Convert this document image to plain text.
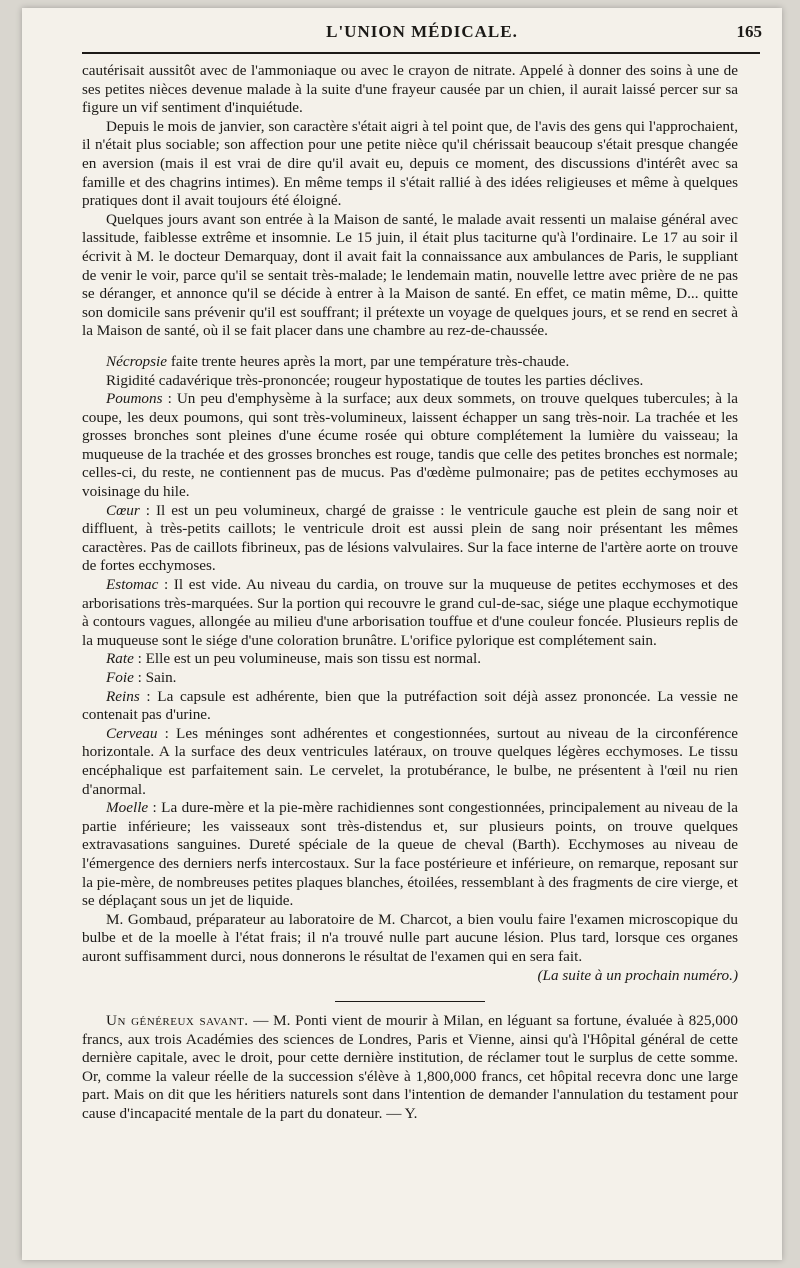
L'UNION MÉDICALE.	165

cautérisait aussitôt avec de l'ammoniaque ou avec le crayon de nitrate. Appelé à donner des soins à une de ses petites nièces devenue malade à la suite d'une frayeur causée par un chien, il aurait laissé percer sur sa figure un vif sentiment d'inquiétude.

Depuis le mois de janvier, son caractère s'était aigri à tel point que, de l'avis des gens qui l'approchaient, il n'était plus sociable; son affection pour une petite nièce qu'il chérissait beaucoup s'était presque changée en aversion (mais il est vrai de dire qu'il avait eu, depuis ce moment, des discussions d'intérêt avec sa famille et des chagrins intimes). En même temps il s'était rallié à des idées religieuses et même à quelques pratiques dont il avait toujours été éloigné.

Quelques jours avant son entrée à la Maison de santé, le malade avait ressenti un malaise général avec lassitude, faiblesse extrême et insomnie. Le 15 juin, il était plus taciturne qu'à l'ordinaire. Le 17 au soir il écrivit à M. le docteur Demarquay, dont il avait fait la connaissance aux ambulances de Paris, le suppliant de venir le voir, parce qu'il se sentait très-malade; le lendemain matin, nouvelle lettre avec prière de ne pas se déranger, et annonce qu'il se décide à entrer à la Maison de santé. En effet, ce matin même, D... quitte son domicile sans prévenir qu'il est souffrant; il prétexte un voyage de quelques jours, et se rend en secret à la Maison de santé, où il se fait placer dans une chambre au rez-de-chaussée.

Nécropsie faite trente heures après la mort, par une température très-chaude.

Rigidité cadavérique très-prononcée; rougeur hypostatique de toutes les parties déclives.

Poumons : Un peu d'emphysème à la surface; aux deux sommets, on trouve quelques tubercules; à la coupe, les deux poumons, qui sont très-volumineux, laissent échapper un sang très-noir. La trachée et les grosses bronches sont pleines d'une écume rosée qui obture complétement la lumière du vaisseau; la muqueuse de la trachée et des grosses bronches est rouge, tandis que celle des petites bronches est normale; celles-ci, du reste, ne contiennent pas de mucus. Pas d'œdème pulmonaire; pas de petites ecchymoses au voisinage du hile.

Cœur : Il est un peu volumineux, chargé de graisse : le ventricule gauche est plein de sang noir et diffluent, à très-petits caillots; le ventricule droit est aussi plein de sang noir présentant les mêmes caractères. Pas de caillots fibrineux, pas de lésions valvulaires. Sur la face interne de l'artère aorte on trouve de fortes ecchymoses.

Estomac : Il est vide. Au niveau du cardia, on trouve sur la muqueuse de petites ecchymoses et des arborisations très-marquées. Sur la portion qui recouvre le grand cul-de-sac, siége une plaque ecchymotique à contours vagues, allongée au milieu d'une arborisation touffue et d'une couleur foncée. Plusieurs replis de la muqueuse sont le siége d'une coloration brunâtre. L'orifice pylorique est complétement sain.

Rate : Elle est un peu volumineuse, mais son tissu est normal.

Foie : Sain.

Reins : La capsule est adhérente, bien que la putréfaction soit déjà assez prononcée. La vessie ne contenait pas d'urine.

Cerveau : Les méninges sont adhérentes et congestionnées, surtout au niveau de la circonférence horizontale. A la surface des deux ventricules latéraux, on trouve quelques légères ecchymoses. Le tissu encéphalique est parfaitement sain. Le cervelet, la protubérance, le bulbe, ne présentent à l'œil nu rien d'anormal.

Moelle : La dure-mère et la pie-mère rachidiennes sont congestionnées, principalement au niveau de la partie inférieure; les vaisseaux sont très-distendus et, sur plusieurs points, on trouve quelques extravasations sanguines. Dureté spéciale de la queue de cheval (Barth). Ecchymoses au niveau de l'émergence des derniers nerfs intercostaux. Sur la face postérieure et inférieure, on remarque, reposant sur la pie-mère, de nombreuses petites plaques blanches, étoilées, ressemblant à des fragments de cire vierge, et se déplaçant sous un jet de liquide.

M. Gombaud, préparateur au laboratoire de M. Charcot, a bien voulu faire l'examen microscopique du bulbe et de la moelle à l'état frais; il n'a trouvé nulle part aucune lésion. Plus tard, lorsque ces organes auront suffisamment durci, nous donnerons le résultat de l'examen qui en sera fait.

(La suite à un prochain numéro.)

Un généreux savant. — M. Ponti vient de mourir à Milan, en léguant sa fortune, évaluée à 825,000 francs, aux trois Académies des sciences de Londres, Paris et Vienne, ainsi qu'à l'Hôpital général de cette dernière capitale, avec le droit, pour cette dernière institution, de réclamer tout le surplus de cette somme. Or, comme la valeur réelle de la succession s'élève à 1,800,000 francs, cet hôpital recevra donc une large part. Mais on dit que les héritiers naturels sont dans l'intention de demander l'annulation du testament pour cause d'incapacité mentale de la part du donateur. — Y.
